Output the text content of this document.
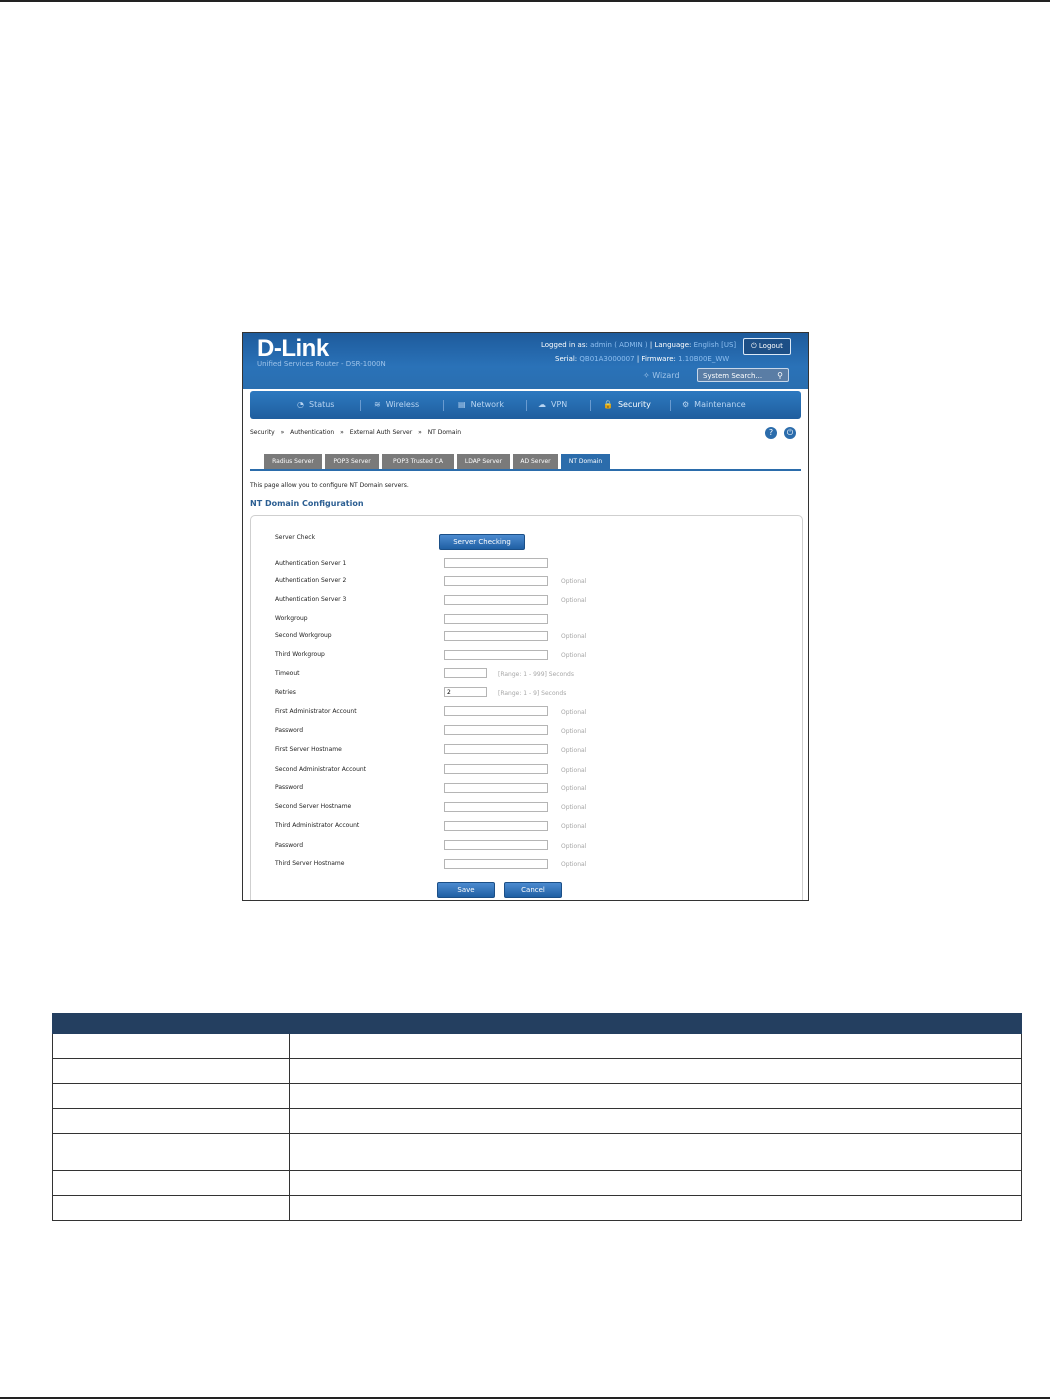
D-Link
Unified Services Router - DSR-1000N
Logged in as: admin ( ADMIN ) | Language: English [US]	⏻ Logout
Serial: QB01A3000007 | Firmware: 1.10B00E_WW
✧ Wizard	System Search... ⚲
◔ Status	≋ Wireless	▤ Network	☁ VPN	🔒 Security	⚙ Maintenance
Security » Authentication » External Auth Server » NT Domain	?	⏻
Radius Server	POP3 Server	POP3 Trusted CA	LDAP Server	AD Server	NT Domain
This page allow you to configure NT Domain servers.
NT Domain Configuration
Server Check
Server Checking
Authentication Server 1
Authentication Server 2	Optional
Authentication Server 3	Optional
Workgroup
Second Workgroup	Optional
Third Workgroup	Optional
Timeout	[Range: 1 - 999] Seconds
Retries	2	[Range: 1 - 9] Seconds
First Administrator Account	Optional
Password	Optional
First Server Hostname	Optional
Second Administrator Account	Optional
Password	Optional
Second Server Hostname	Optional
Third Administrator Account	Optional
Password	Optional
Third Server Hostname	Optional
Save	Cancel
